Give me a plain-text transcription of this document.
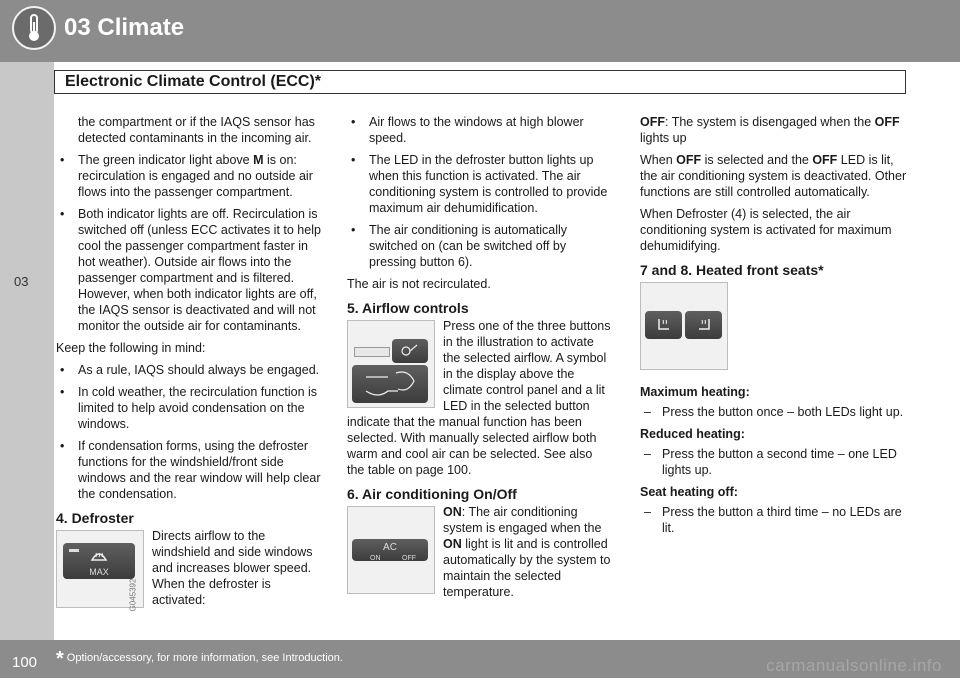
03 Climate
Electronic Climate Control (ECC)*
03

the compartment or if the IAQS sensor has detected contaminants in the incoming air.

• The green indicator light above M is on: recirculation is engaged and no outside air flows into the passenger compartment.
• Both indicator lights are off. Recirculation is switched off (unless ECC activates it to help cool the passenger compartment faster in hot weather). Outside air flows into the passenger compartment and is filtered. However, when both indicator lights are off, the IAQS sensor is deactivated and will not monitor the outside air for contaminants.

Keep the following in mind:

• As a rule, IAQS should always be engaged.
• In cold weather, the recirculation function is limited to help avoid condensation on the windows.
• If condensation forms, using the defroster functions for the windshield/front side windows and the rear window will help clear the condensation.
4. Defroster
MAX
G045392

Directs airflow to the windshield and side windows and increases blower speed. When the defroster is activated:

• Air flows to the windows at high blower speed.
• The LED in the defroster button lights up when this function is activated. The air conditioning system is controlled to provide maximum air dehumidification.
• The air conditioning is automatically switched on (can be switched off by pressing button 6).

The air is not recirculated.

5. Airflow controls

Press one of the three buttons in the illustration to activate the selected airflow. A symbol in the display above the climate control panel and a lit LED in the selected button indicate that the manual function has been selected. With manually selected airflow both warm and cool air can be selected. See also the table on page 100.

6. Air conditioning On/Off
AC
ON	OFF

ON: The air conditioning system is engaged when the ON light is lit and is controlled automatically by the system to maintain the selected temperature.

OFF: The system is disengaged when the OFF lights up

When OFF is selected and the OFF LED is lit, the air conditioning system is deactivated. Other functions are still controlled automatically.

When Defroster (4) is selected, the air conditioning system is activated for maximum dehumidifying.

7 and 8. Heated front seats*
Maximum heating:
– Press the button once – both LEDs light up.
Reduced heating:
– Press the button a second time – one LED lights up.
Seat heating off:
– Press the button a third time – no LEDs are lit.
100 * Option/accessory, for more information, see Introduction.	carmanualsonline.info
